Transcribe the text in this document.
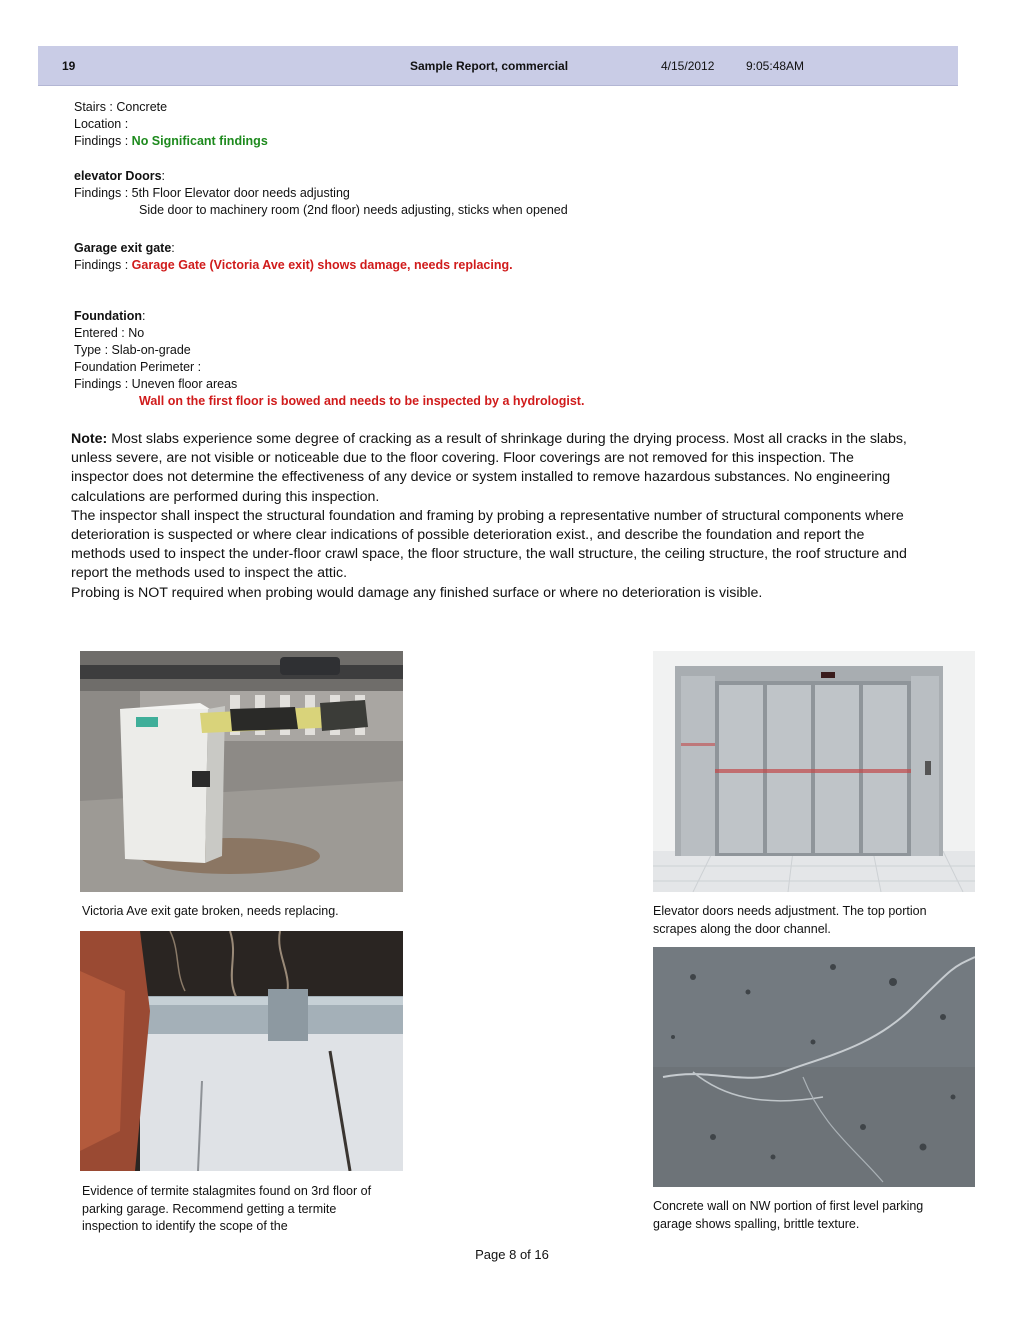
19	Sample Report, commercial	4/15/2012	9:05:48AM
Stairs : Concrete
Location :
Findings : No Significant findings
elevator Doors:
Findings : 5th Floor Elevator door needs adjusting
Side door to machinery room (2nd floor) needs adjusting, sticks when opened
Garage exit gate:
Findings : Garage Gate (Victoria Ave exit) shows damage, needs replacing.
Foundation:
Entered : No
Type : Slab-on-grade
Foundation Perimeter :
Findings : Uneven floor areas
Wall on the first floor is bowed and needs to be inspected by a hydrologist.

Note: Most slabs experience some degree of cracking as a result of shrinkage during the drying process. Most all cracks in the slabs, unless severe, are not visible or noticeable due to the floor covering. Floor coverings are not removed for this inspection. The inspector does not determine the effectiveness of any device or system installed to remove hazardous substances. No engineering calculations are performed during this inspection.

The inspector shall inspect the structural foundation and framing by probing a representative number of structural components where deterioration is suspected or where clear indications of possible deterioration exist., and describe the foundation and report the methods used to inspect the under-floor crawl space, the floor structure, the wall structure, the ceiling structure, the roof structure and report the methods used to inspect the attic.

Probing is NOT required when probing would damage any finished surface or where no deterioration is visible.

Victoria Ave exit gate broken, needs replacing.	Elevator doors needs adjustment. The top portion scrapes along the door channel.
Evidence of termite stalagmites found on 3rd floor of parking garage. Recommend getting a termite inspection to identify the scope of the
Concrete wall on NW portion of first level parking garage shows spalling, brittle texture.
Page 8 of 16
